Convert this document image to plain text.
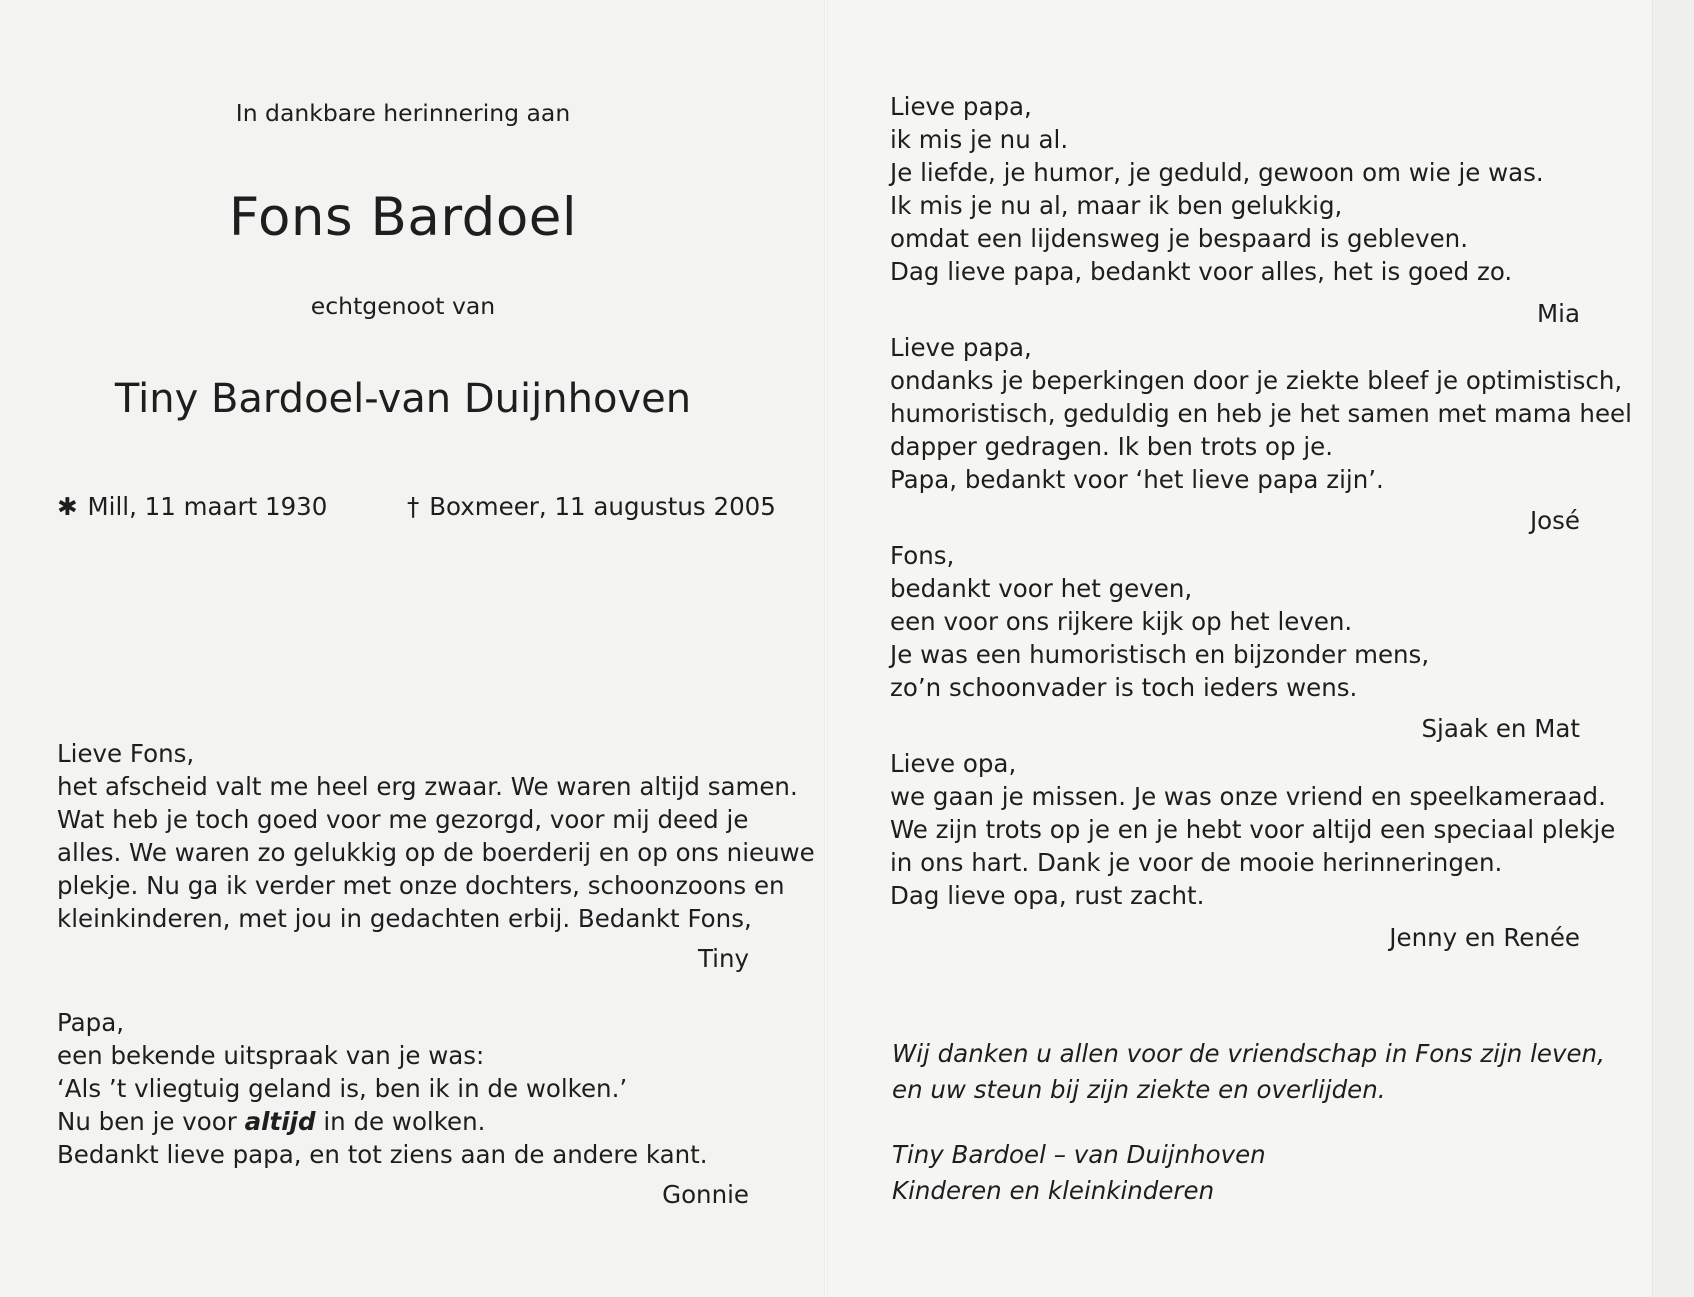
In dankbare herinnering aan
Fons Bardoel
echtgenoot van
Tiny Bardoel-van Duijnhoven
✱ Mill, 11 maart 1930	† Boxmeer, 11 augustus 2005
Lieve Fons,
het afscheid valt me heel erg zwaar. We waren altijd samen.
Wat heb je toch goed voor me gezorgd, voor mij deed je
alles. We waren zo gelukkig op de boerderij en op ons nieuwe
plekje. Nu ga ik verder met onze dochters, schoonzoons en
kleinkinderen, met jou in gedachten erbij. Bedankt Fons,
Tiny
Papa,
een bekende uitspraak van je was:
‘Als ’t vliegtuig geland is, ben ik in de wolken.’
Nu ben je voor altijd in de wolken.
Bedankt lieve papa, en tot ziens aan de andere kant.
Gonnie
Lieve papa,
ik mis je nu al.
Je liefde, je humor, je geduld, gewoon om wie je was.
Ik mis je nu al, maar ik ben gelukkig,
omdat een lijdensweg je bespaard is gebleven.
Dag lieve papa, bedankt voor alles, het is goed zo.
Mia
Lieve papa,
ondanks je beperkingen door je ziekte bleef je optimistisch,
humoristisch, geduldig en heb je het samen met mama heel
dapper gedragen. Ik ben trots op je.
Papa, bedankt voor ‘het lieve papa zijn’.
José
Fons,
bedankt voor het geven,
een voor ons rijkere kijk op het leven.
Je was een humoristisch en bijzonder mens,
zo’n schoonvader is toch ieders wens.
Sjaak en Mat
Lieve opa,
we gaan je missen. Je was onze vriend en speelkameraad.
We zijn trots op je en je hebt voor altijd een speciaal plekje
in ons hart. Dank je voor de mooie herinneringen.
Dag lieve opa, rust zacht.
Jenny en Renée
Wij danken u allen voor de vriendschap in Fons zijn leven,
en uw steun bij zijn ziekte en overlijden.
Tiny Bardoel – van Duijnhoven
Kinderen en kleinkinderen
